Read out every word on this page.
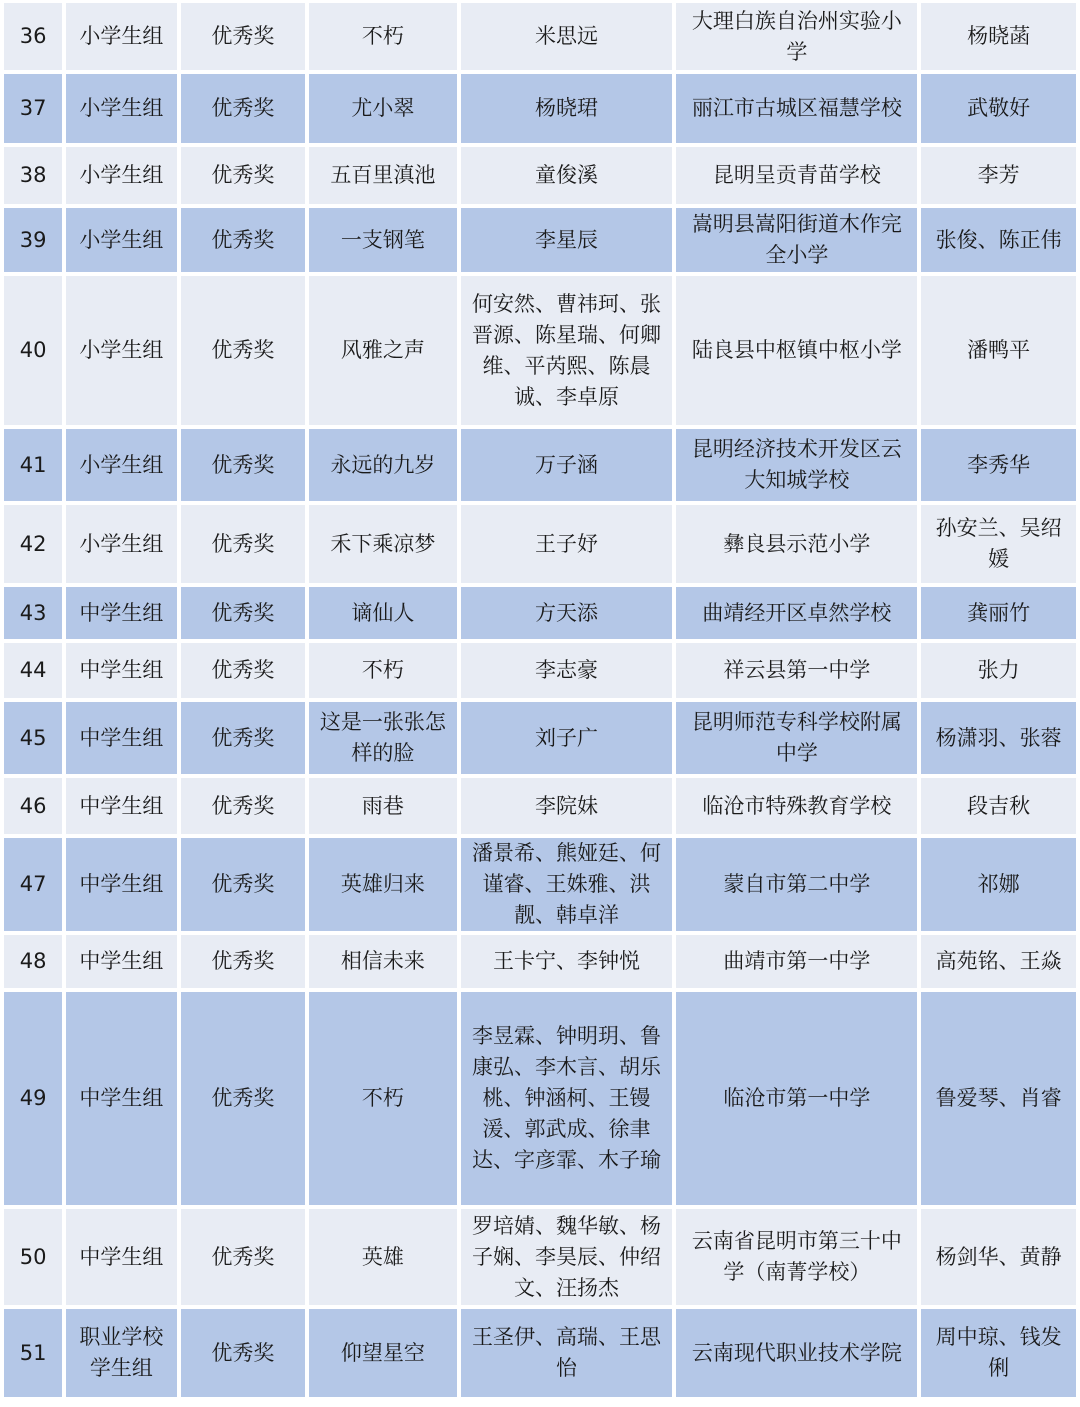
36	小学生组	优秀奖	不朽	米思远	大理白族自治州实验小学	杨晓菡
37	小学生组	优秀奖	尤小翠	杨晓珺	丽江市古城区福慧学校	武敬好
38	小学生组	优秀奖	五百里滇池	童俊溪	昆明呈贡青苗学校	李芳
39	小学生组	优秀奖	一支钢笔	李星辰	嵩明县嵩阳街道木作完全小学	张俊、陈正伟
40	小学生组	优秀奖	风雅之声	何安然、曹祎珂、张晋源、陈星瑞、何卿维、平芮熙、陈晨诚、李卓原	陆良县中枢镇中枢小学	潘鸭平
41	小学生组	优秀奖	永远的九岁	万子涵	昆明经济技术开发区云大知城学校	李秀华
42	小学生组	优秀奖	禾下乘凉梦	王子妤	彝良县示范小学	孙安兰、吴绍媛
43	中学生组	优秀奖	谪仙人	方天添	曲靖经开区卓然学校	龚丽竹
44	中学生组	优秀奖	不朽	李志豪	祥云县第一中学	张力
45	中学生组	优秀奖	这是一张张怎样的脸	刘子广	昆明师范专科学校附属中学	杨潇羽、张蓉
46	中学生组	优秀奖	雨巷	李院妹	临沧市特殊教育学校	段吉秋
47	中学生组	优秀奖	英雄归来	潘景希、熊娅廷、何谨睿、王姝雅、洪靓、韩卓洋	蒙自市第二中学	祁娜
48	中学生组	优秀奖	相信未来	王卡宁、李钟悦	曲靖市第一中学	高苑铭、王焱
49	中学生组	优秀奖	不朽	李昱霖、钟明玥、鲁康弘、李木言、胡乐桃、钟涵柯、王镘湲、郭武成、徐聿达、字彦霏、木子瑜	临沧市第一中学	鲁爱琴、肖睿
50	中学生组	优秀奖	英雄	罗培婧、魏华敏、杨子娴、李昊辰、仲绍文、汪扬杰	云南省昆明市第三十中学（南菁学校）	杨剑华、黄静
51	职业学校学生组	优秀奖	仰望星空	王圣伊、高瑞、王思怡	云南现代职业技术学院	周中琼、钱发俐
